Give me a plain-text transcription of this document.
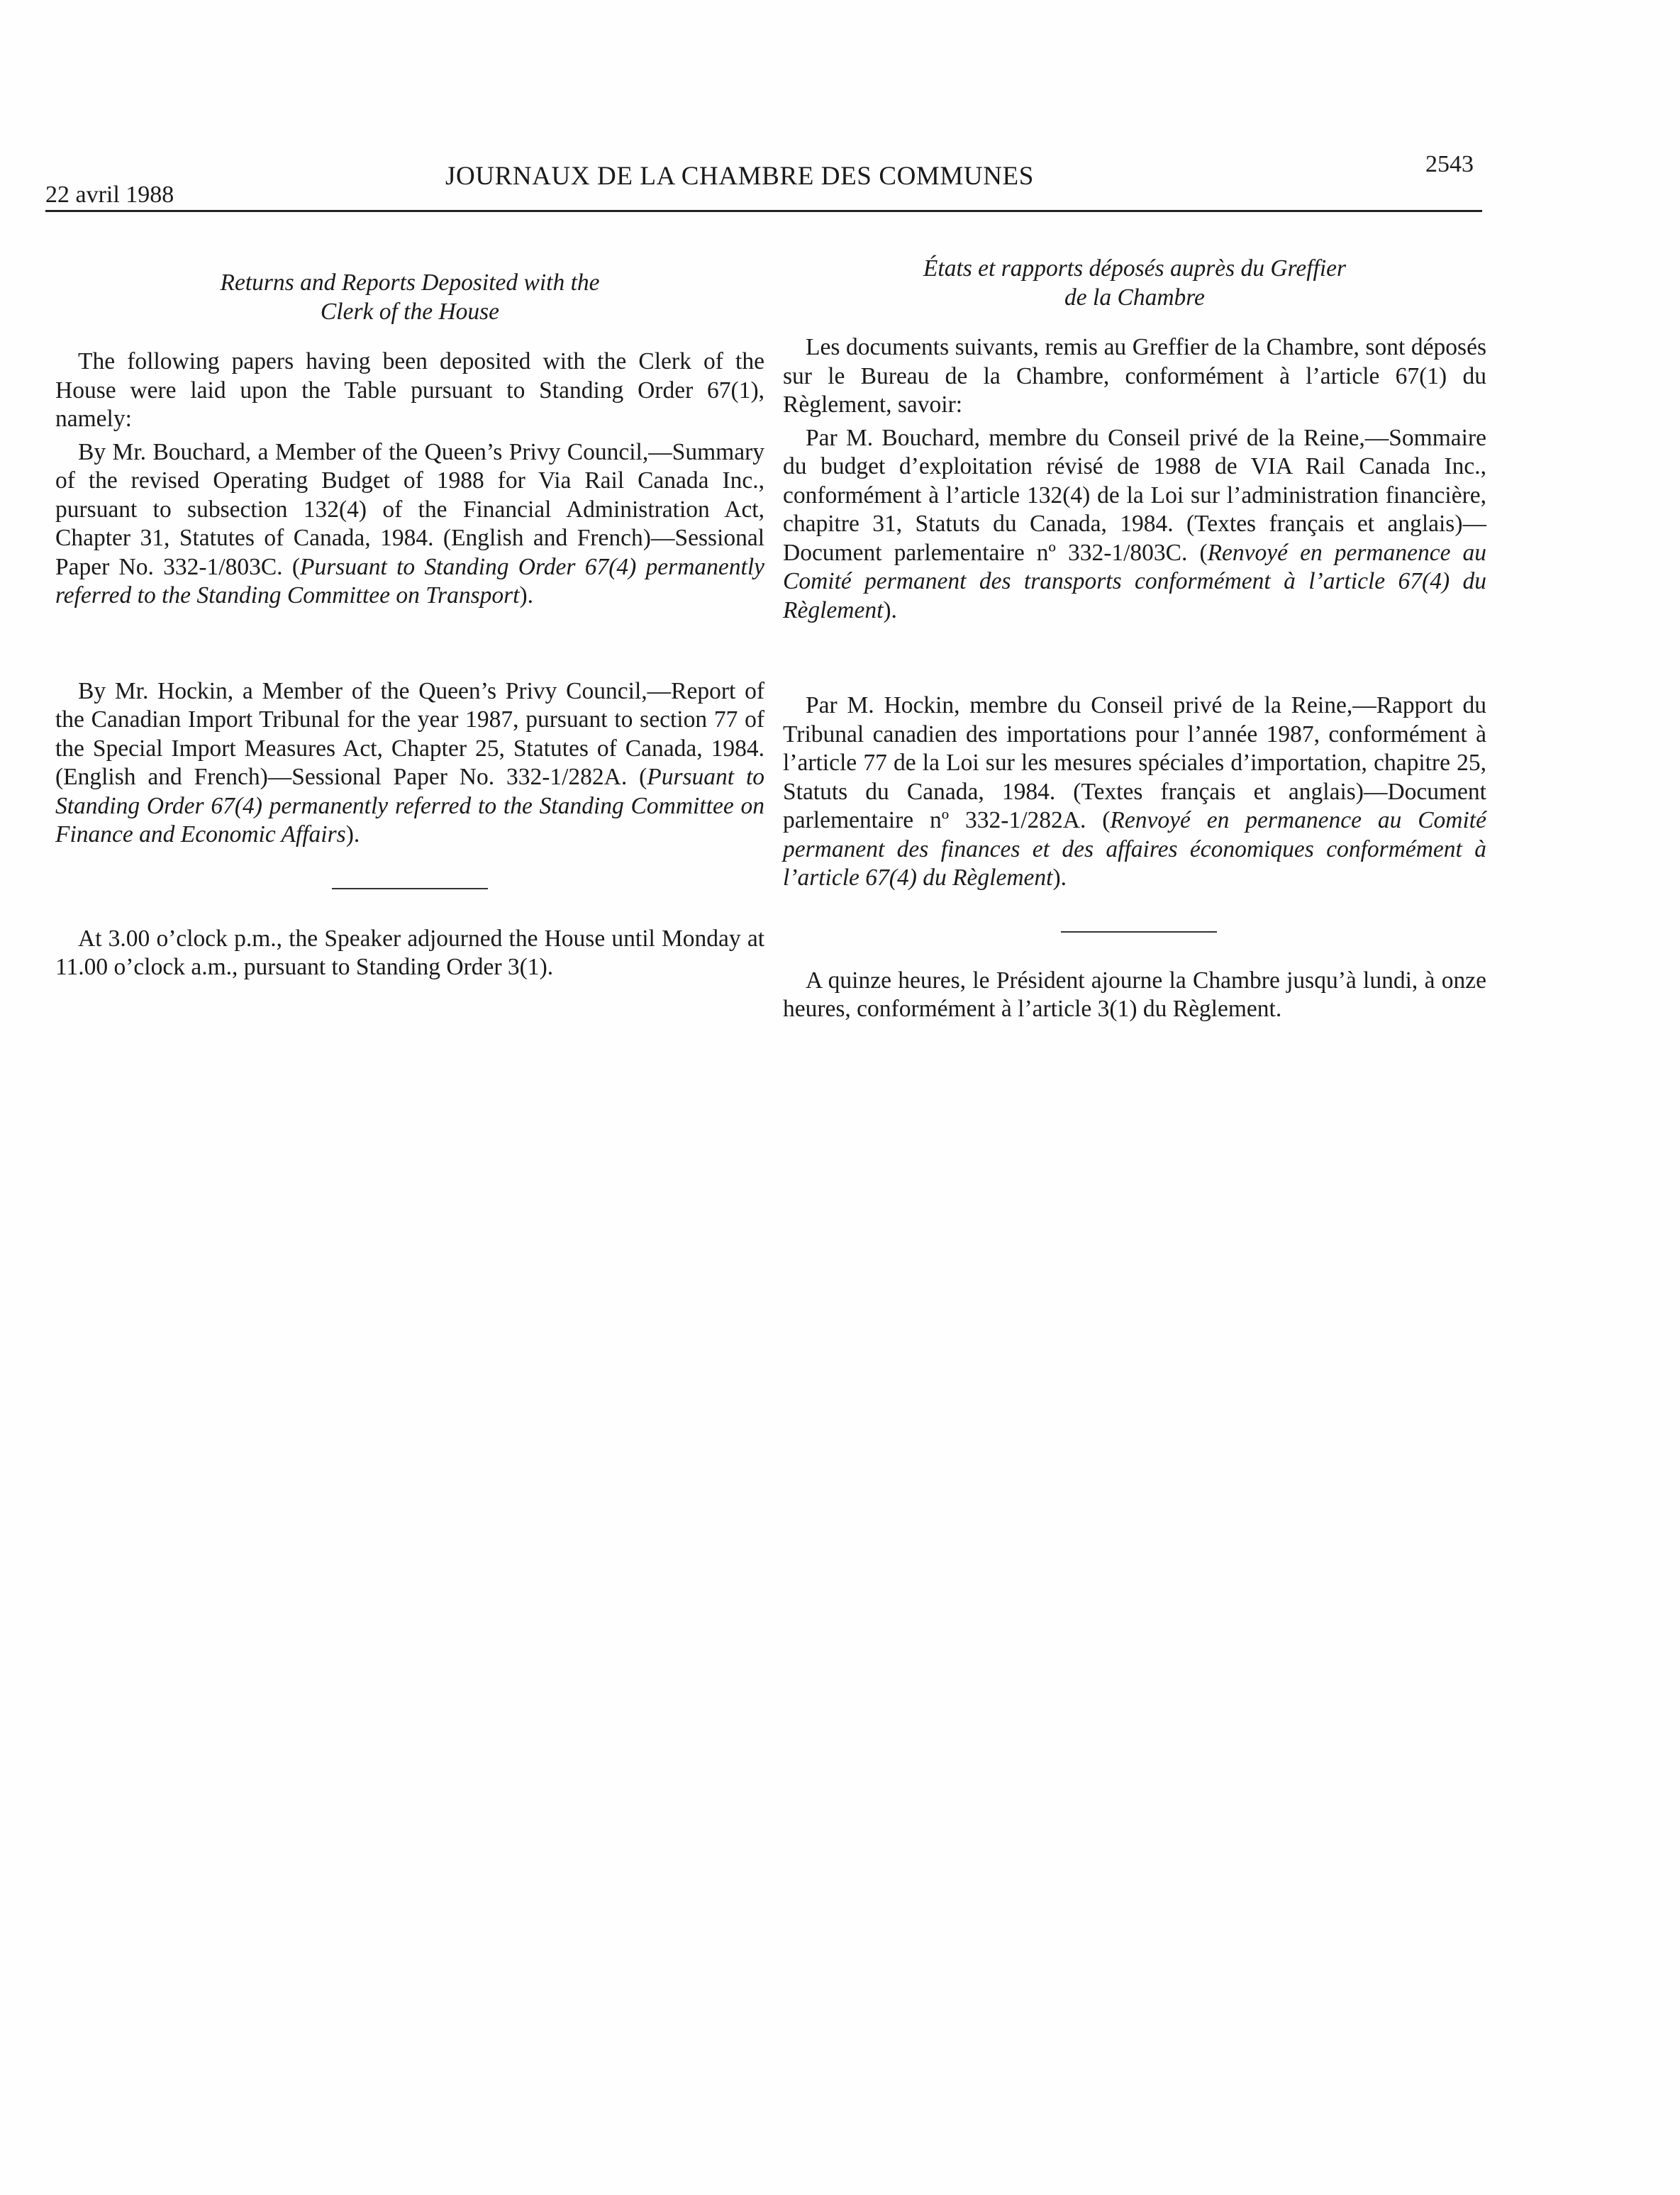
22 avril 1988
JOURNAUX DE LA CHAMBRE DES COMMUNES	2543
Returns and Reports Deposited with the
Clerk of the House

The following papers having been deposited with the Clerk of the House were laid upon the Table pursuant to Standing Order 67(1), namely:

By Mr. Bouchard, a Member of the Queen’s Privy Council,—Summary of the revised Operating Budget of 1988 for Via Rail Canada Inc., pursuant to subsection 132(4) of the Financial Administration Act, Chapter 31, Statutes of Canada, 1984. (English and French)—Sessional Paper No. 332-1/803C. (Pursuant to Standing Order 67(4) permanently referred to the Standing Committee on Transport).

By Mr. Hockin, a Member of the Queen’s Privy Council,—Report of the Canadian Import Tribunal for the year 1987, pursuant to section 77 of the Special Import Measures Act, Chapter 25, Statutes of Canada, 1984. (English and French)—Sessional Paper No. 332-1/282A. (Pursuant to Standing Order 67(4) permanently referred to the Standing Committee on Finance and Economic Affairs).

At 3.00 o’clock p.m., the Speaker adjourned the House until Monday at 11.00 o’clock a.m., pursuant to Standing Order 3(1).

États et rapports déposés auprès du Greffier
de la Chambre

Les documents suivants, remis au Greffier de la Chambre, sont déposés sur le Bureau de la Chambre, conformément à l’article 67(1) du Règlement, savoir:

Par M. Bouchard, membre du Conseil privé de la Reine,—Sommaire du budget d’exploitation révisé de 1988 de VIA Rail Canada Inc., conformément à l’article 132(4) de la Loi sur l’administration financière, chapitre 31, Statuts du Canada, 1984. (Textes français et anglais)—Document parlementaire nº 332-1/803C. (Renvoyé en permanence au Comité permanent des transports conformément à l’article 67(4) du Règlement).

Par M. Hockin, membre du Conseil privé de la Reine,—Rapport du Tribunal canadien des importations pour l’année 1987, conformément à l’article 77 de la Loi sur les mesures spéciales d’importation, chapitre 25, Statuts du Canada, 1984. (Textes français et anglais)—Document parlementaire nº 332-1/282A. (Renvoyé en permanence au Comité permanent des finances et des affaires économiques conformément à l’article 67(4) du Règlement).

A quinze heures, le Président ajourne la Chambre jusqu’à lundi, à onze heures, conformément à l’article 3(1) du Règlement.
